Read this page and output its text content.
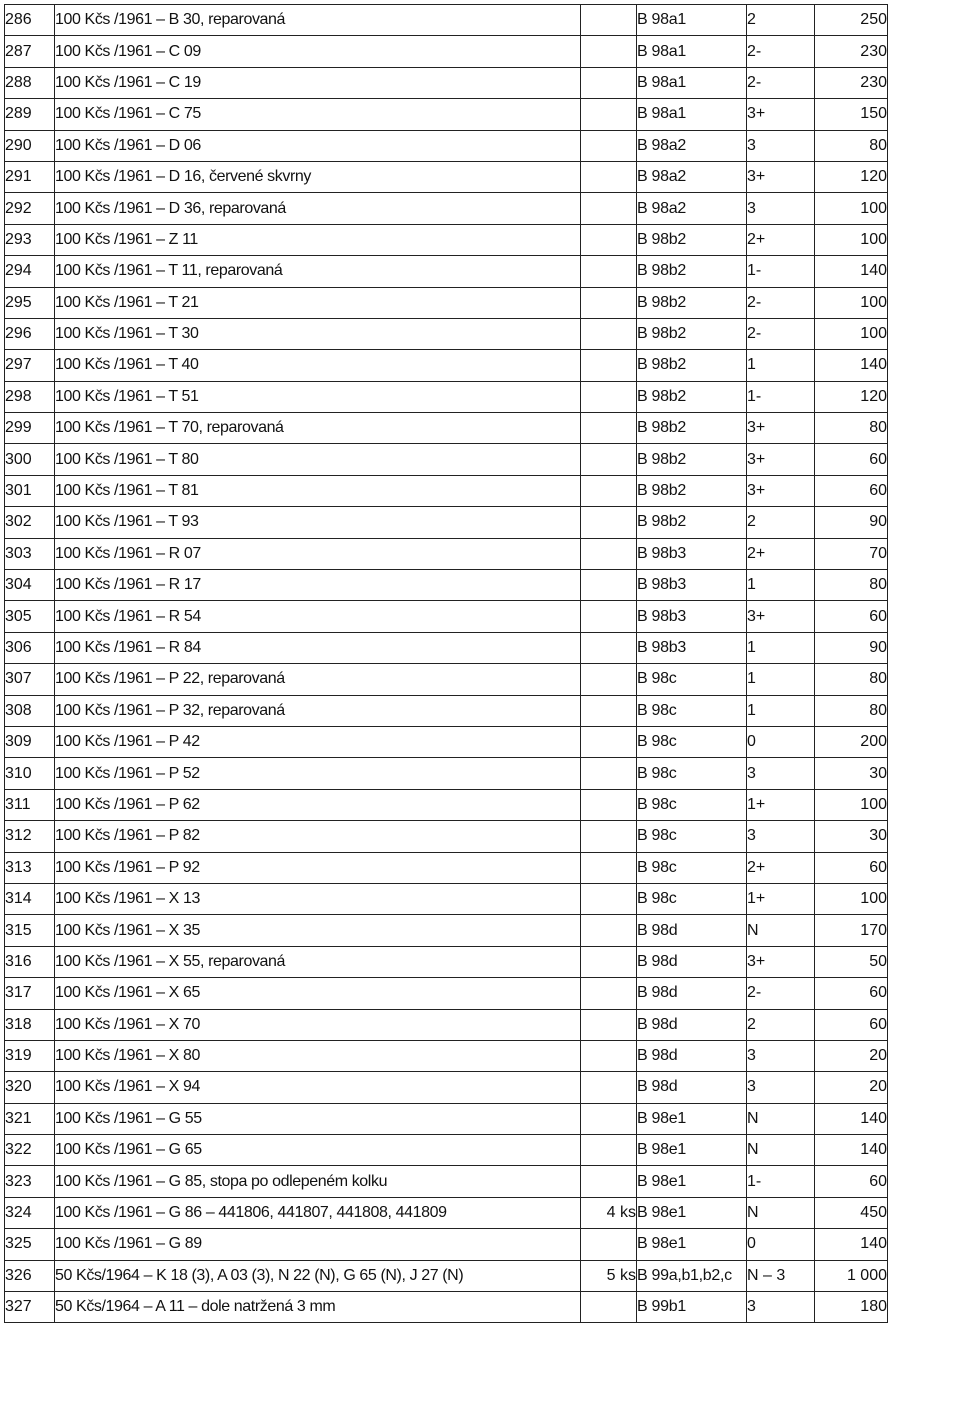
286	100 Kčs /1961 – B 30, reparovaná		B 98a1	2	250
287	100 Kčs /1961 – C 09		B 98a1	2-	230
288	100 Kčs /1961 – C 19		B 98a1	2-	230
289	100 Kčs /1961 – C 75		B 98a1	3+	150
290	100 Kčs /1961 – D 06		B 98a2	3	80
291	100 Kčs /1961 – D 16, červené skvrny		B 98a2	3+	120
292	100 Kčs /1961 – D 36, reparovaná		B 98a2	3	100
293	100 Kčs /1961 – Z 11		B 98b2	2+	100
294	100 Kčs /1961 – T 11, reparovaná		B 98b2	1-	140
295	100 Kčs /1961 – T 21		B 98b2	2-	100
296	100 Kčs /1961 – T 30		B 98b2	2-	100
297	100 Kčs /1961 – T 40		B 98b2	1	140
298	100 Kčs /1961 – T 51		B 98b2	1-	120
299	100 Kčs /1961 – T 70, reparovaná		B 98b2	3+	80
300	100 Kčs /1961 – T 80		B 98b2	3+	60
301	100 Kčs /1961 – T 81		B 98b2	3+	60
302	100 Kčs /1961 – T 93		B 98b2	2	90
303	100 Kčs /1961 – R 07		B 98b3	2+	70
304	100 Kčs /1961 – R 17		B 98b3	1	80
305	100 Kčs /1961 – R 54		B 98b3	3+	60
306	100 Kčs /1961 – R 84		B 98b3	1	90
307	100 Kčs /1961 – P 22, reparovaná		B 98c	1	80
308	100 Kčs /1961 – P 32, reparovaná		B 98c	1	80
309	100 Kčs /1961 – P 42		B 98c	0	200
310	100 Kčs /1961 – P 52		B 98c	3	30
311	100 Kčs /1961 – P 62		B 98c	1+	100
312	100 Kčs /1961 – P 82		B 98c	3	30
313	100 Kčs /1961 – P 92		B 98c	2+	60
314	100 Kčs /1961 – X 13		B 98c	1+	100
315	100 Kčs /1961 – X 35		B 98d	N	170
316	100 Kčs /1961 – X 55, reparovaná		B 98d	3+	50
317	100 Kčs /1961 – X 65		B 98d	2-	60
318	100 Kčs /1961 – X 70		B 98d	2	60
319	100 Kčs /1961 – X 80		B 98d	3	20
320	100 Kčs /1961 – X 94		B 98d	3	20
321	100 Kčs /1961 – G 55		B 98e1	N	140
322	100 Kčs /1961 – G 65		B 98e1	N	140
323	100 Kčs /1961 – G 85, stopa po odlepeném kolku		B 98e1	1-	60
324	100 Kčs /1961 – G 86 – 441806, 441807, 441808, 441809	4 ks	B 98e1	N	450
325	100 Kčs /1961 – G 89		B 98e1	0	140
326	50 Kčs/1964 – K 18 (3), A 03 (3), N 22 (N), G 65 (N), J 27 (N)	5 ks	B 99a,b1,b2,c	N – 3	1 000
327	50 Kčs/1964 – A 11 – dole natržená 3 mm		B 99b1	3	180
